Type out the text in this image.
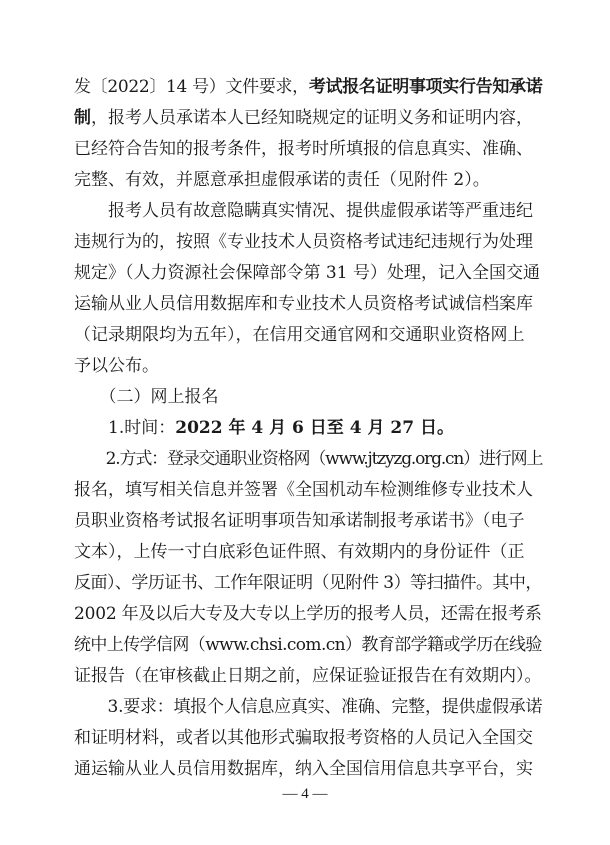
发〔2022〕14 号）文件要求，考试报名证明事项实行告知承诺
制，报考人员承诺本人已经知晓规定的证明义务和证明内容，
已经符合告知的报考条件，报考时所填报的信息真实、准确、
完整、有效，并愿意承担虚假承诺的责任（见附件 2）。
　　报考人员有故意隐瞒真实情况、提供虚假承诺等严重违纪
违规行为的，按照《专业技术人员资格考试违纪违规行为处理
规定》（人力资源社会保障部令第 31 号）处理，记入全国交通
运输从业人员信用数据库和专业技术人员资格考试诚信档案库
（记录期限均为五年），在信用交通官网和交通职业资格网上
予以公布。
　　（二）网上报名
　　1.时间：2022 年 4 月 6 日至 4 月 27 日。
　　2.方式：登录交通职业资格网（www.jtzyzg.org.cn）进行网上
报名，填写相关信息并签署《全国机动车检测维修专业技术人
员职业资格考试报名证明事项告知承诺制报考承诺书》（电子
文本），上传一寸白底彩色证件照、有效期内的身份证件（正
反面）、学历证书、工作年限证明（见附件 3）等扫描件。其中，
2002 年及以后大专及大专以上学历的报考人员，还需在报考系
统中上传学信网（www.chsi.com.cn）教育部学籍或学历在线验
证报告（在审核截止日期之前，应保证验证报告在有效期内）。
　　3.要求：填报个人信息应真实、准确、完整，提供虚假承诺
和证明材料，或者以其他形式骗取报考资格的人员记入全国交
通运输从业人员信用数据库，纳入全国信用信息共享平台，实
— 4 —
